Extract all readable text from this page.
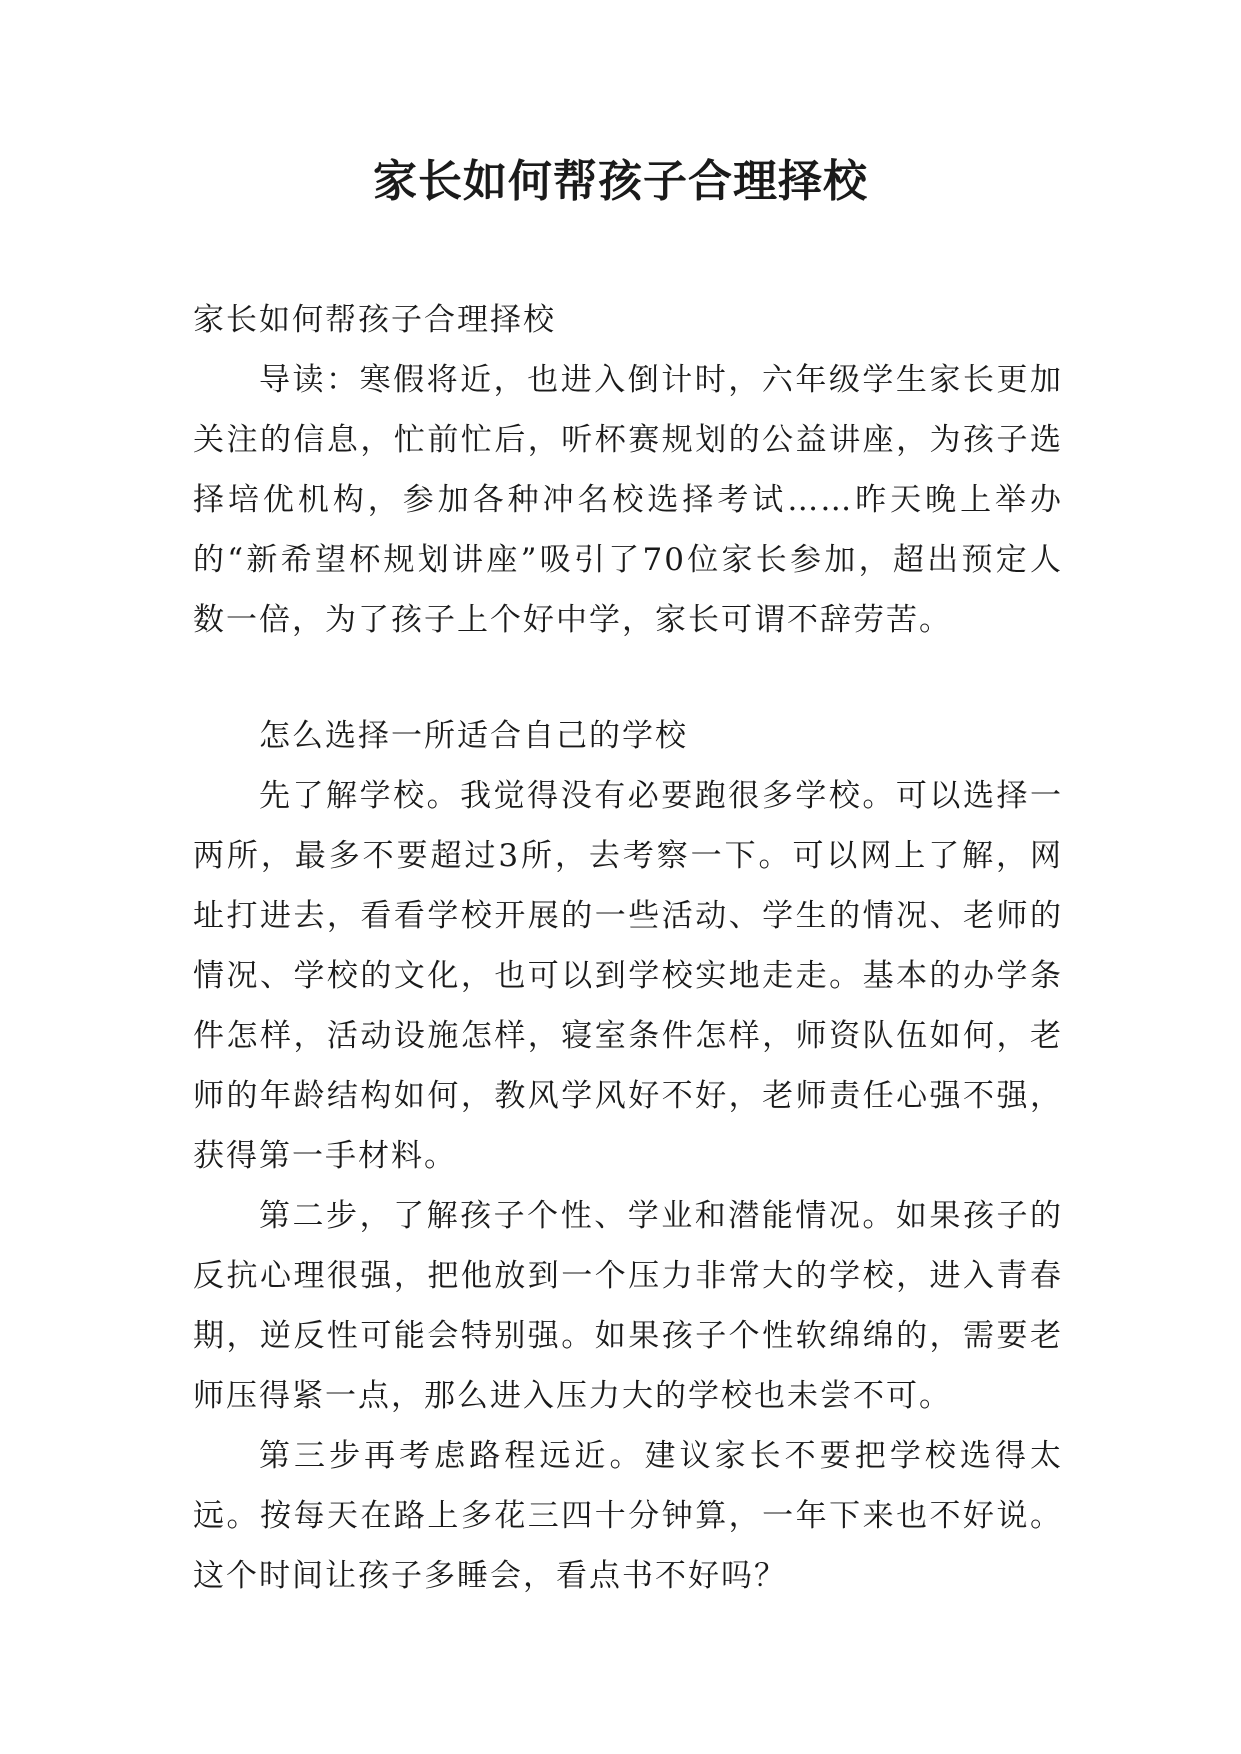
家长如何帮孩子合理择校

家长如何帮孩子合理择校

导读：寒假将近，也进入倒计时，六年级学生家长更加关注的信息，忙前忙后，听杯赛规划的公益讲座，为孩子选择培优机构，参加各种冲名校选择考试……昨天晚上举办的“新希望杯规划讲座”吸引了70位家长参加，超出预定人数一倍，为了孩子上个好中学，家长可谓不辞劳苦。

怎么选择一所适合自己的学校

先了解学校。我觉得没有必要跑很多学校。可以选择一两所，最多不要超过3所，去考察一下。可以网上了解，网址打进去，看看学校开展的一些活动、学生的情况、老师的情况、学校的文化，也可以到学校实地走走。基本的办学条件怎样，活动设施怎样，寝室条件怎样，师资队伍如何，老师的年龄结构如何，教风学风好不好，老师责任心强不强，获得第一手材料。

第二步，了解孩子个性、学业和潜能情况。如果孩子的反抗心理很强，把他放到一个压力非常大的学校，进入青春期，逆反性可能会特别强。如果孩子个性软绵绵的，需要老师压得紧一点，那么进入压力大的学校也未尝不可。

第三步再考虑路程远近。建议家长不要把学校选得太远。按每天在路上多花三四十分钟算，一年下来也不好说。这个时间让孩子多睡会，看点书不好吗？
